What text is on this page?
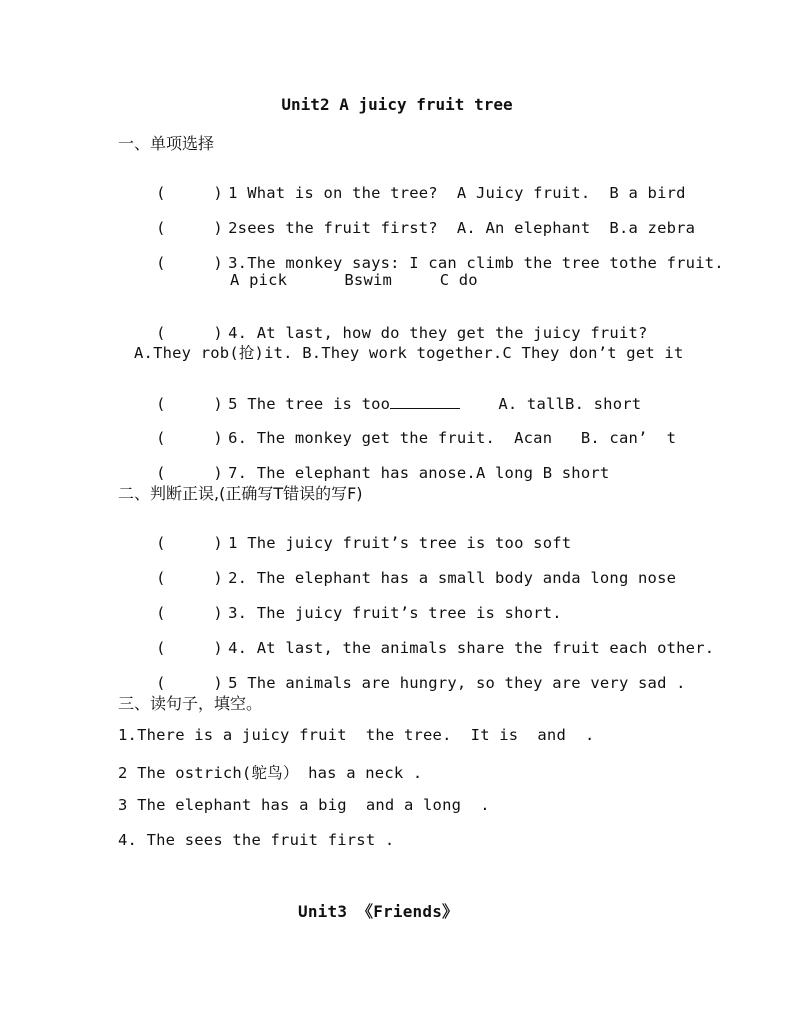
Unit2 A juicy fruit tree
一、单项选择

(     ) 1 What is on the tree?  A Juicy fruit.  B a bird

(     ) 2sees the fruit first?  A. An elephant  B.a zebra

(     ) 3.The monkey says: I can climb the tree tothe fruit.

A pick      Bswim     C do

(     ) 4. At last, how do they get the juicy fruit?

A.They rob(抢)it. B.They work together.C They don’t get it

(     ) 5 The tree is too	A. tallB. short

(     ) 6. The monkey get the fruit.  Acan   B. can’  t

(     ) 7. The elephant has anose.A long B short

二、判断正误,(正确写T错误的写F)

(     ) 1 The juicy fruit’s tree is too soft

(     ) 2. The elephant has a small body anda long nose

(     ) 3. The juicy fruit’s tree is short.

(     ) 4. At last, the animals share the fruit each other.

(     ) 5 The animals are hungry, so they are very sad .

三、读句子，填空。
1.There is a juicy fruit  the tree.  It is  and  .
2 The ostrich(鸵鸟） has a neck .
3 The elephant has a big  and a long  .
4. The sees the fruit first .
Unit3 《Friends》
